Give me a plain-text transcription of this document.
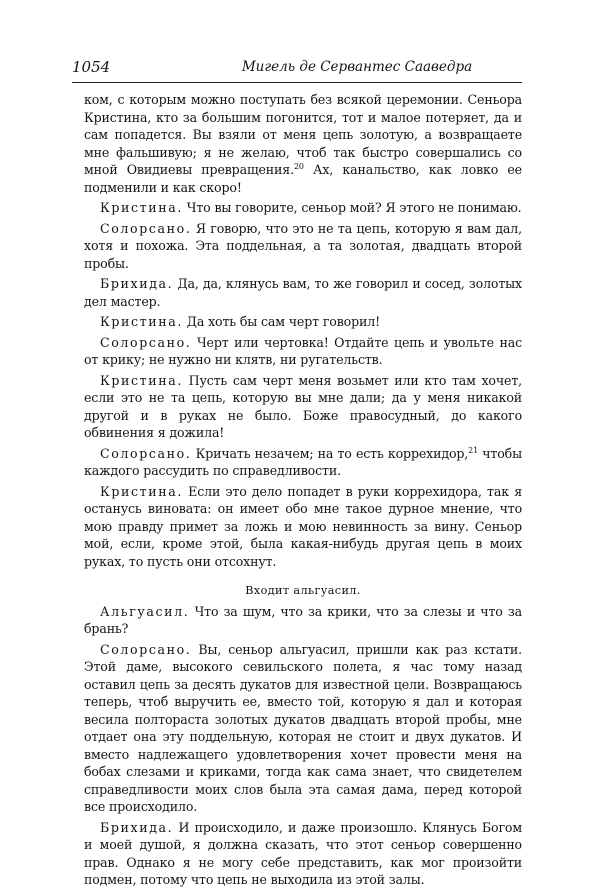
1054	Мигель де Сервантес Сааведра

ком, с которым можно поступать без всякой церемонии. Сеньора Кристина, кто за большим погонится, тот и малое потеряет, да и сам попадется. Вы взяли от меня цепь золотую, а возвращаете мне фальшивую; я не желаю, чтоб так быстро совершались со мной Овидиевы превращения.$^{20}$ Ах, канальство, как ловко ее подменили и как скоро!

Кристина. Что вы говорите, сеньор мой? Я этого не понимаю.

Солорсано. Я говорю, что это не та цепь, которую я вам дал, хотя и похожа. Эта поддельная, а та золотая, двадцать второй пробы.

Брихида. Да, да, клянусь вам, то же говорил и сосед, золотых дел мастер.

Кристина. Да хоть бы сам черт говорил!

Солорсано. Черт или чертовка! Отдайте цепь и увольте нас от крику; не нужно ни клятв, ни ругательств.

Кристина. Пусть сам черт меня возьмет или кто там хочет, если это не та цепь, которую вы мне дали; да у меня никакой другой и в руках не было. Боже правосудный, до какого обвинения я дожила!

Солорсано. Кричать незачем; на то есть коррехидор,$^{21}$ чтобы каждого рассудить по справедливости.

Кристина. Если это дело попадет в руки коррехидора, так я останусь виновата: он имеет обо мне такое дурное мнение, что мою правду примет за ложь и мою невинность за вину. Сеньор мой, если, кроме этой, была какая-нибудь другая цепь в моих руках, то пусть они отсохнут.

Входит альгуасил.

Альгуасил. Что за шум, что за крики, что за слезы и что за брань?

Солорсано. Вы, сеньор альгуасил, пришли как раз кстати. Этой даме, высокого севильского полета, я час тому назад оставил цепь за десять дукатов для известной цели. Возвращаюсь теперь, чтоб выручить ее, вместо той, которую я дал и которая весила полтораста золотых дукатов двадцать второй пробы, мне отдает она эту поддельную, которая не стоит и двух дукатов. И вместо надлежащего удовлетворения хочет провести меня на бобах слезами и криками, тогда как сама знает, что свидетелем справедливости моих слов была эта самая дама, перед которой все происходило.

Брихида. И происходило, и даже произошло. Клянусь Богом и моей душой, я должна сказать, что этот сеньор совершенно прав. Однако я не могу себе представить, как мог произойти подмен, потому что цепь не выходила из этой залы.
